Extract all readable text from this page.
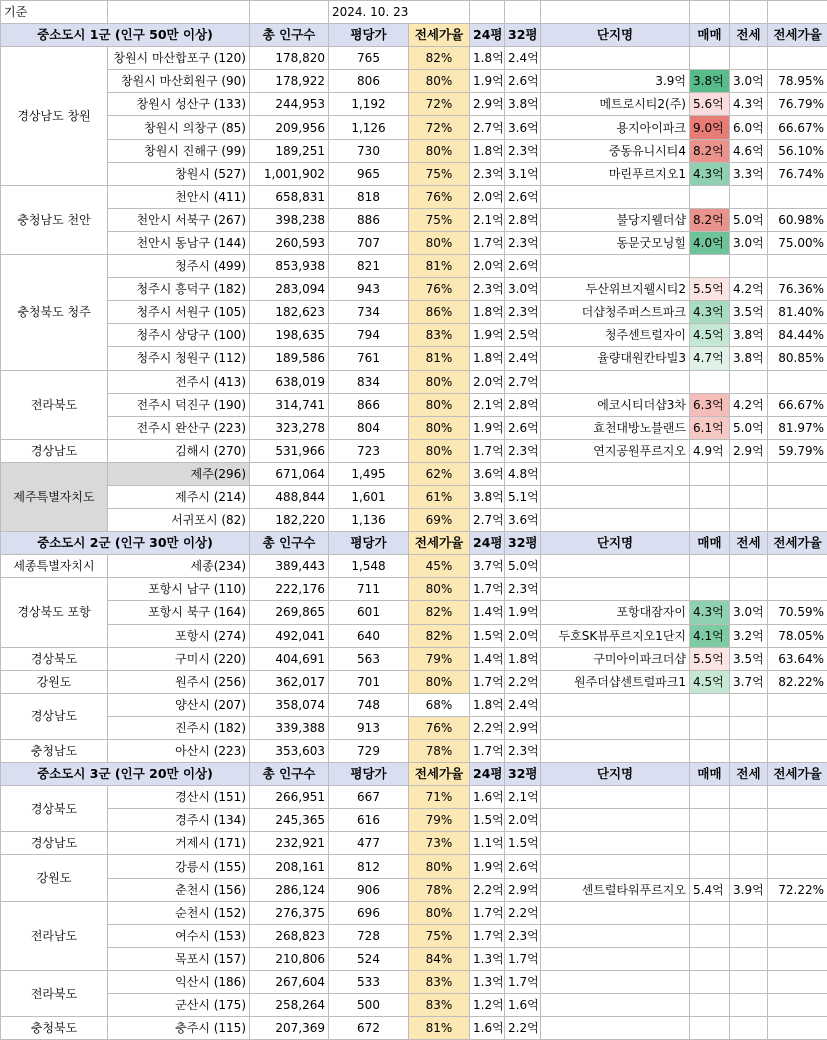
기준			2024. 10. 23							
중소도시 1군 (인구 50만 이상)		총 인구수	평당가	전세가율	24평	32평	단지명	매매	전세	전세가율
경상남도 창원	창원시 마산합포구 (120)	178,820	765	82%	1.8억	2.4억				
	창원시 마산회원구 (90)	178,922	806	80%	1.9억	2.6억	3.9억	3.8억	3.0억	78.95%
	창원시 성산구 (133)	244,953	1,192	72%	2.9억	3.8억	메트로시티2(주)	5.6억	4.3억	76.79%
	창원시 의창구 (85)	209,956	1,126	72%	2.7억	3.6억	용지아이파크	9.0억	6.0억	66.67%
	창원시 진해구 (99)	189,251	730	80%	1.8억	2.3억	중동유니시티4	8.2억	4.6억	56.10%
	창원시 (527)	1,001,902	965	75%	2.3억	3.1억	마린푸르지오1	4.3억	3.3억	76.74%
충청남도 천안	천안시 (411)	658,831	818	76%	2.0억	2.6억				
	천안시 서북구 (267)	398,238	886	75%	2.1억	2.8억	불당지웰더샵	8.2억	5.0억	60.98%
	천안시 동남구 (144)	260,593	707	80%	1.7억	2.3억	동문굿모닝힐	4.0억	3.0억	75.00%
충청북도 청주	청주시 (499)	853,938	821	81%	2.0억	2.6억				
	청주시 흥덕구 (182)	283,094	943	76%	2.3억	3.0억	두산위브지웰시티2	5.5억	4.2억	76.36%
	청주시 서원구 (105)	182,623	734	86%	1.8억	2.3억	더샵청주퍼스트파크	4.3억	3.5억	81.40%
	청주시 상당구 (100)	198,635	794	83%	1.9억	2.5억	청주센트럴자이	4.5억	3.8억	84.44%
	청주시 청원구 (112)	189,586	761	81%	1.8억	2.4억	율량대원칸타빌3	4.7억	3.8억	80.85%
전라북도	전주시 (413)	638,019	834	80%	2.0억	2.7억				
	전주시 덕진구 (190)	314,741	866	80%	2.1억	2.8억	에코시티더샵3차	6.3억	4.2억	66.67%
	전주시 완산구 (223)	323,278	804	80%	1.9억	2.6억	효천대방노블랜드	6.1억	5.0억	81.97%
경상남도	김해시 (270)	531,966	723	80%	1.7억	2.3억	연지공원푸르지오	4.9억	2.9억	59.79%
제주특별자치도	제주(296)	671,064	1,495	62%	3.6억	4.8억				
	제주시 (214)	488,844	1,601	61%	3.8억	5.1억				
	서귀포시 (82)	182,220	1,136	69%	2.7억	3.6억				
중소도시 2군 (인구 30만 이상)		총 인구수	평당가	전세가율	24평	32평	단지명	매매	전세	전세가율
세종특별자치시	세종(234)	389,443	1,548	45%	3.7억	5.0억				
경상북도 포항	포항시 남구 (110)	222,176	711	80%	1.7억	2.3억				
	포항시 북구 (164)	269,865	601	82%	1.4억	1.9억	포항대잠자이	4.3억	3.0억	70.59%
	포항시 (274)	492,041	640	82%	1.5억	2.0억	두호SK뷰푸르지오1단지	4.1억	3.2억	78.05%
경상북도	구미시 (220)	404,691	563	79%	1.4억	1.8억	구미아이파크더샵	5.5억	3.5억	63.64%
강원도	원주시 (256)	362,017	701	80%	1.7억	2.2억	원주더샵센트럴파크1	4.5억	3.7억	82.22%
경상남도	양산시 (207)	358,074	748	68%	1.8억	2.4억				
	진주시 (182)	339,388	913	76%	2.2억	2.9억				
충청남도	아산시 (223)	353,603	729	78%	1.7억	2.3억				
중소도시 3군 (인구 20만 이상)		총 인구수	평당가	전세가율	24평	32평	단지명	매매	전세	전세가율
경상북도	경산시 (151)	266,951	667	71%	1.6억	2.1억				
	경주시 (134)	245,365	616	79%	1.5억	2.0억				
경상남도	거제시 (171)	232,921	477	73%	1.1억	1.5억				
강원도	강릉시 (155)	208,161	812	80%	1.9억	2.6억				
	춘천시 (156)	286,124	906	78%	2.2억	2.9억	센트럴타워푸르지오	5.4억	3.9억	72.22%
전라남도	순천시 (152)	276,375	696	80%	1.7억	2.2억				
	여수시 (153)	268,823	728	75%	1.7억	2.3억				
	목포시 (157)	210,806	524	84%	1.3억	1.7억				
전라북도	익산시 (186)	267,604	533	83%	1.3억	1.7억				
	군산시 (175)	258,264	500	83%	1.2억	1.6억				
충청북도	충주시 (115)	207,369	672	81%	1.6억	2.2억				
